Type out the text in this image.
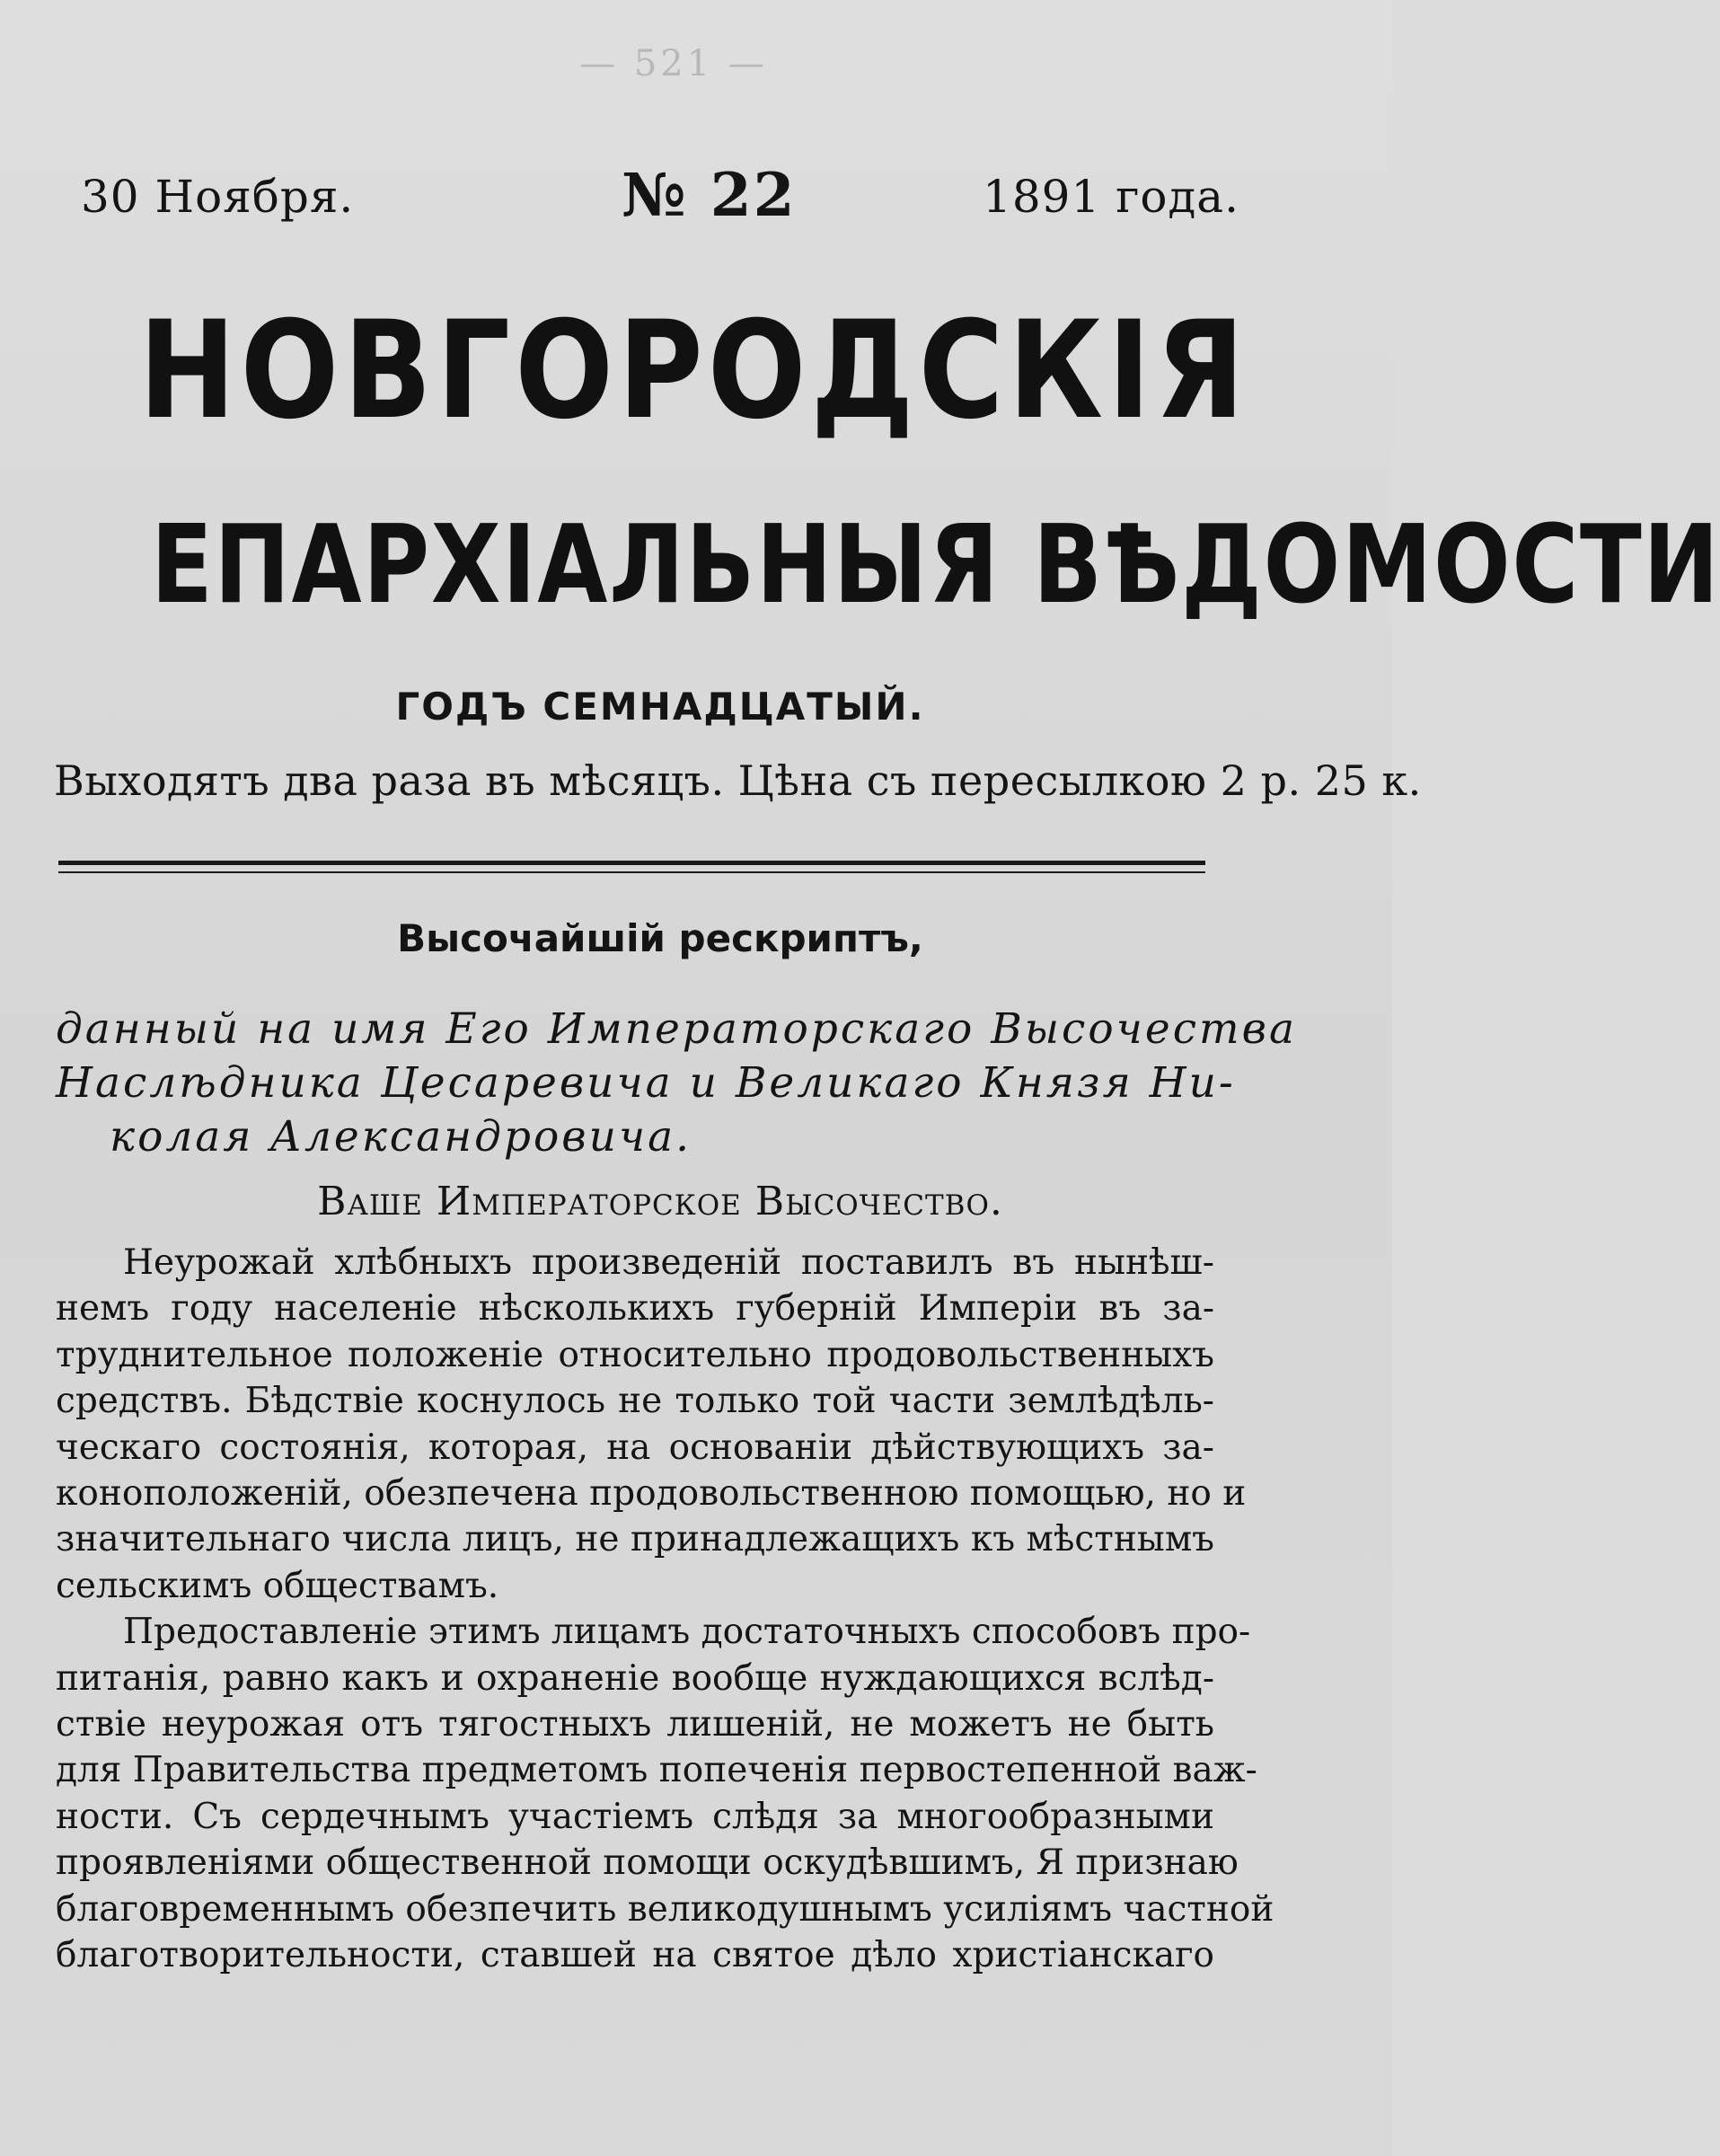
— 521 —
30 Ноября.	№ 22	1891 года.
НОВГОРОДСКІЯ
ЕПАРХІАЛЬНЫЯ ВѢДОМОСТИ
ГОДЪ СЕМНАДЦАТЫЙ.
Выходятъ два раза въ мѣсяцъ. Цѣна съ пересылкою 2 р. 25 к.
Высочайшій рескриптъ,

данный на имя Его Императорскаго Высочества

Наслѣдника Цесаревича и Великаго Князя Ни-

колая Александровича.

Ваше Императорское Высочество.
Неурожай хлѣбныхъ произведеній поставилъ въ нынѣш-
немъ году населеніе нѣсколькихъ губерній Имперіи въ за-
труднительное положеніе относительно продовольственныхъ
средствъ. Бѣдствіе коснулось не только той части землѣдѣль-
ческаго состоянія, которая, на основаніи дѣйствующихъ за-
коноположеній, обезпечена продовольственною помощью, но и
значительнаго числа лицъ, не принадлежащихъ къ мѣстнымъ
сельскимъ обществамъ.
Предоставленіе этимъ лицамъ достаточныхъ способовъ про-
питанія, равно какъ и охраненіе вообще нуждающихся вслѣд-
ствіе неурожая отъ тягостныхъ лишеній, не можетъ не быть
для Правительства предметомъ попеченія первостепенной важ-
ности. Съ сердечнымъ участіемъ слѣдя за многообразными
проявленіями общественной помощи оскудѣвшимъ, Я признаю
благовременнымъ обезпечить великодушнымъ усиліямъ частной
благотворительности, ставшей на святое дѣло христіанскаго
